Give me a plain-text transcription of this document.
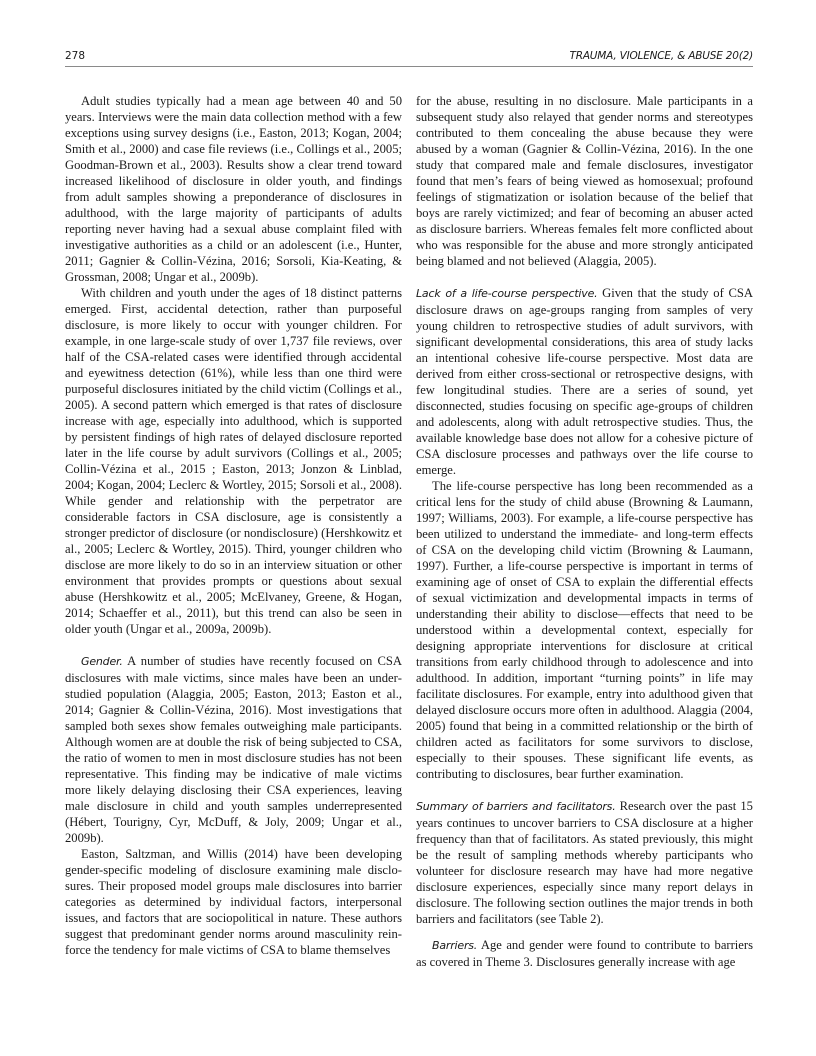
278	TRAUMA, VIOLENCE, & ABUSE 20(2)

Adult studies typically had a mean age between 40 and 50 years. Interviews were the main data collection method with a few exceptions using survey designs (i.e., Easton, 2013; Kogan, 2004; Smith et al., 2000) and case file reviews (i.e., Collings et al., 2005; Goodman-Brown et al., 2003). Results show a clear trend toward increased likelihood of disclosure in older youth, and findings from adult samples showing a preponderance of disclosures in adulthood, with the large majority of participants of adults reporting never having had a sexual abuse complaint filed with investigative authorities as a child or an adolescent (i.e., Hunter, 2011; Gagnier & Collin-Vézina, 2016; Sorsoli, Kia-Keating, & Grossman, 2008; Ungar et al., 2009b).

With children and youth under the ages of 18 distinct patterns emerged. First, accidental detection, rather than purposeful disclosure, is more likely to occur with younger children. For example, in one large-scale study of over 1,737 file reviews, over half of the CSA-related cases were identified through accidental and eyewitness detection (61%), while less than one third were purposeful disclosures initiated by the child victim (Collings et al., 2005). A second pattern which emerged is that rates of disclosure increase with age, especially into adulthood, which is supported by persistent findings of high rates of delayed disclosure reported later in the life course by adult survivors (Collings et al., 2005; Collin-Vézina et al., 2015 ; Easton, 2013; Jonzon & Linblad, 2004; Kogan, 2004; Leclerc & Wortley, 2015; Sorsoli et al., 2008). While gender and relationship with the perpetrator are considerable factors in CSA disclosure, age is consistently a stronger predictor of disclosure (or nondisclosure) (Hershkowitz et al., 2005; Leclerc & Wortley, 2015). Third, younger children who disclose are more likely to do so in an interview situation or other environment that provides prompts or questions about sexual abuse (Hershkowitz et al., 2005; McElvaney, Greene, & Hogan, 2014; Schaeffer et al., 2011), but this trend can also be seen in older youth (Ungar et al., 2009a, 2009b).

Gender. A number of studies have recently focused on CSA disclosures with male victims, since males have been an understudied population (Alaggia, 2005; Easton, 2013; Easton et al., 2014; Gagnier & Collin-Vézina, 2016). Most investigations that sampled both sexes show females outweighing male participants. Although women are at double the risk of being subjected to CSA, the ratio of women to men in most disclosure studies has not been representative. This finding may be indicative of male victims more likely delaying disclosing their CSA experiences, leaving male disclosure in child and youth samples underrepresented (Hébert, Tourigny, Cyr, McDuff, & Joly, 2009; Ungar et al., 2009b).

Easton, Saltzman, and Willis (2014) have been developing gender-specific modeling of disclosure examining male disclosures. Their proposed model groups male disclosures into barrier categories as determined by individual factors, interpersonal issues, and factors that are sociopolitical in nature. These authors suggest that predominant gender norms around masculinity reinforce the tendency for male victims of CSA to blame themselves

for the abuse, resulting in no disclosure. Male participants in a subsequent study also relayed that gender norms and stereotypes contributed to them concealing the abuse because they were abused by a woman (Gagnier & Collin-Vézina, 2016). In the one study that compared male and female disclosures, investigator found that men’s fears of being viewed as homosexual; profound feelings of stigmatization or isolation because of the belief that boys are rarely victimized; and fear of becoming an abuser acted as disclosure barriers. Whereas females felt more conflicted about who was responsible for the abuse and more strongly anticipated being blamed and not believed (Alaggia, 2005).

Lack of a life-course perspective. Given that the study of CSA disclosure draws on age-groups ranging from samples of very young children to retrospective studies of adult survivors, with significant developmental considerations, this area of study lacks an intentional cohesive life-course perspective. Most data are derived from either cross-sectional or retrospective designs, with few longitudinal studies. There are a series of sound, yet disconnected, studies focusing on specific age-groups of children and adolescents, along with adult retrospective studies. Thus, the available knowledge base does not allow for a cohesive picture of CSA disclosure processes and pathways over the life course to emerge.

The life-course perspective has long been recommended as a critical lens for the study of child abuse (Browning & Laumann, 1997; Williams, 2003). For example, a life-course perspective has been utilized to understand the immediate- and long-term effects of CSA on the developing child victim (Browning & Laumann, 1997). Further, a life-course perspective is important in terms of examining age of onset of CSA to explain the differential effects of sexual victimization and developmental impacts in terms of understanding their ability to disclose—effects that need to be understood within a developmental context, especially for designing appropriate interventions for disclosure at critical transitions from early childhood through to adolescence and into adulthood. In addition, important “turning points” in life may facilitate disclosures. For example, entry into adulthood given that delayed disclosure occurs more often in adulthood. Alaggia (2004, 2005) found that being in a committed relationship or the birth of children acted as facilitators for some survivors to disclose, especially to their spouses. These significant life events, as contributing to disclosures, bear further examination.

Summary of barriers and facilitators. Research over the past 15 years continues to uncover barriers to CSA disclosure at a higher frequency than that of facilitators. As stated previously, this might be the result of sampling methods whereby participants who volunteer for disclosure research may have had more negative disclosure experiences, especially since many report delays in disclosure. The following section outlines the major trends in both barriers and facilitators (see Table 2).

Barriers. Age and gender were found to contribute to barriers as covered in Theme 3. Disclosures generally increase with age
